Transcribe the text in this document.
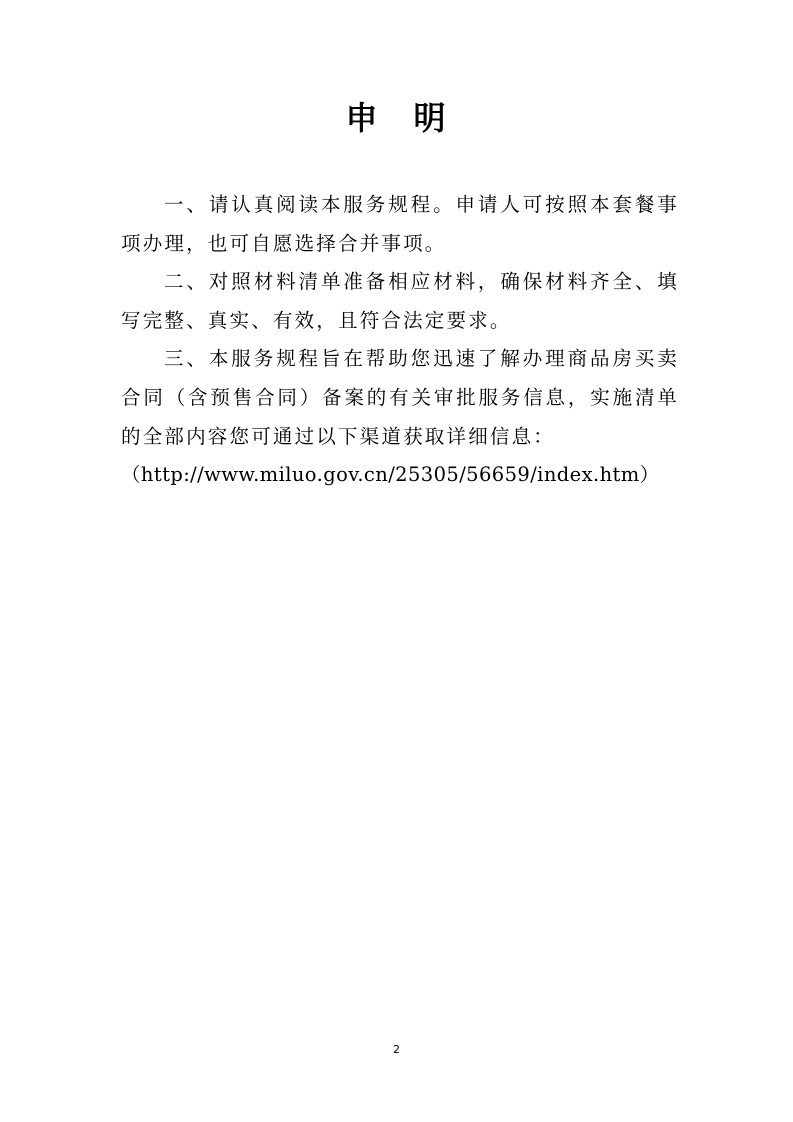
申　明

一、请认真阅读本服务规程。申请人可按照本套餐事项办理，也可自愿选择合并事项。

二、对照材料清单准备相应材料，确保材料齐全、填写完整、真实、有效，且符合法定要求。

三、本服务规程旨在帮助您迅速了解办理商品房买卖合同（含预售合同）备案的有关审批服务信息，实施清单的全部内容您可通过以下渠道获取详细信息：

（http://www.miluo.gov.cn/25305/56659/index.htm）

2
